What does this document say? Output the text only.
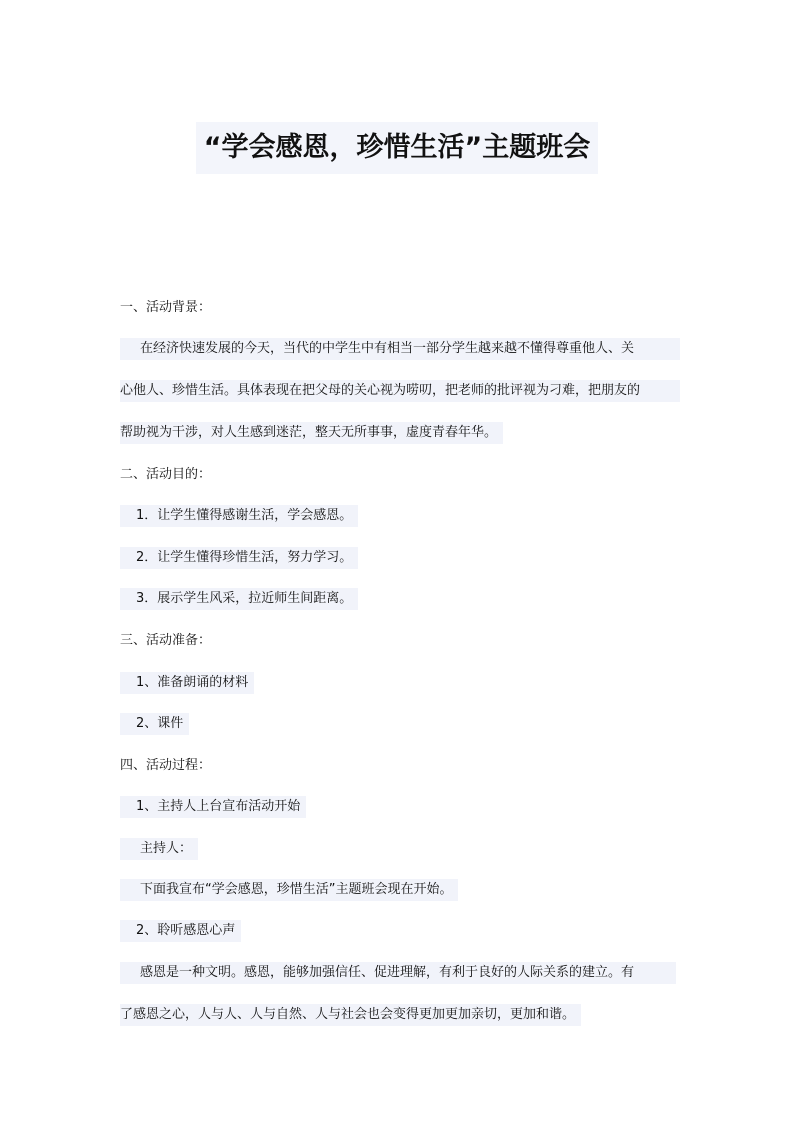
“学会感恩，珍惜生活”主题班会
一、活动背景：
在经济快速发展的今天，当代的中学生中有相当一部分学生越来越不懂得尊重他人、关
心他人、珍惜生活。具体表现在把父母的关心视为唠叨，把老师的批评视为刁难，把朋友的
帮助视为干涉，对人生感到迷茫，整天无所事事，虚度青春年华。
二、活动目的：
1．让学生懂得感谢生活，学会感恩。
2．让学生懂得珍惜生活，努力学习。
3．展示学生风采，拉近师生间距离。
三、活动准备：
1、准备朗诵的材料
2、课件
四、活动过程：
1、主持人上台宣布活动开始
主持人：
下面我宣布“学会感恩，珍惜生活”主题班会现在开始。
2、聆听感恩心声
感恩是一种文明。感恩，能够加强信任、促进理解，有利于良好的人际关系的建立。有
了感恩之心，人与人、人与自然、人与社会也会变得更加更加亲切，更加和谐。
